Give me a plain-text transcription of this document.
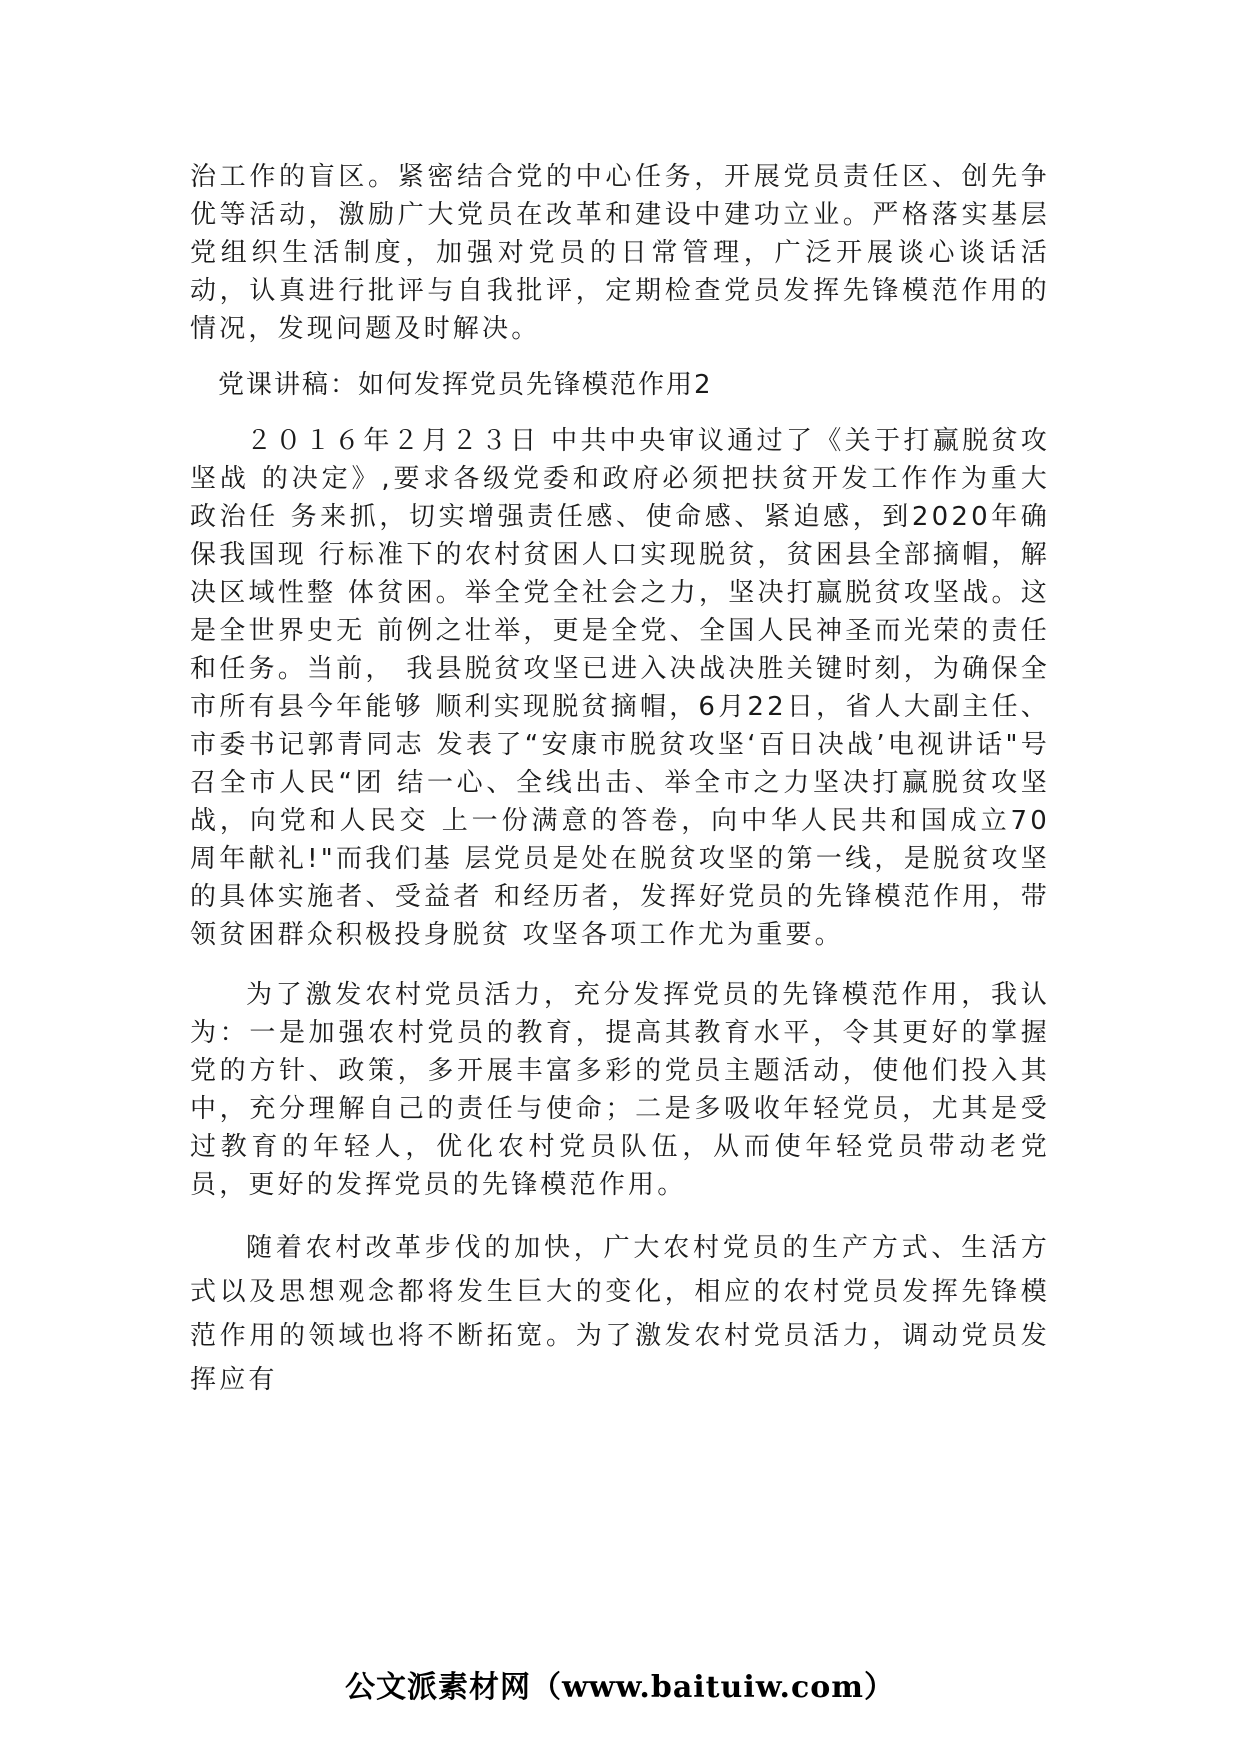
治工作的盲区。紧密结合党的中心任务，开展党员责任区、创先争优等活动，激励广大党员在改革和建设中建功立业。严格落实基层党组织生活制度，加强对党员的日常管理，广泛开展谈心谈话活动，认真进行批评与自我批评，定期检查党员发挥先锋模范作用的情况，发现问题及时解决。

党课讲稿：如何发挥党员先锋模范作用2

２０１６年２月２３日 中共中央审议通过了《关于打赢脱贫攻坚战 的决定》,要求各级党委和政府必须把扶贫开发工作作为重大政治任 务来抓，切实增强责任感、使命感、紧迫感，到2020年确保我国现 行标准下的农村贫困人口实现脱贫，贫困县全部摘帽，解决区域性整 体贫困。举全党全社会之力，坚决打赢脱贫攻坚战。这是全世界史无 前例之壮举，更是全党、全国人民神圣而光荣的责任和任务。当前， 我县脱贫攻坚已进入决战决胜关键时刻，为确保全市所有县今年能够 顺利实现脱贫摘帽，6月22日，省人大副主任、市委书记郭青同志 发表了“安康市脱贫攻坚‘百日决战’电视讲话"号召全市人民“团 结一心、全线出击、举全市之力坚决打赢脱贫攻坚战，向党和人民交 上一份满意的答卷，向中华人民共和国成立70周年献礼!"而我们基 层党员是处在脱贫攻坚的第一线，是脱贫攻坚的具体实施者、受益者 和经历者，发挥好党员的先锋模范作用，带领贫困群众积极投身脱贫 攻坚各项工作尤为重要。

为了激发农村党员活力，充分发挥党员的先锋模范作用，我认为：一是加强农村党员的教育，提高其教育水平，令其更好的掌握党的方针、政策，多开展丰富多彩的党员主题活动，使他们投入其中，充分理解自己的责任与使命；二是多吸收年轻党员，尤其是受过教育的年轻人，优化农村党员队伍，从而使年轻党员带动老党员，更好的发挥党员的先锋模范作用。

随着农村改革步伐的加快，广大农村党员的生产方式、生活方式以及思想观念都将发生巨大的变化，相应的农村党员发挥先锋模范作用的领域也将不断拓宽。为了激发农村党员活力，调动党员发挥应有

公文派素材网（www.baituiw.com）
